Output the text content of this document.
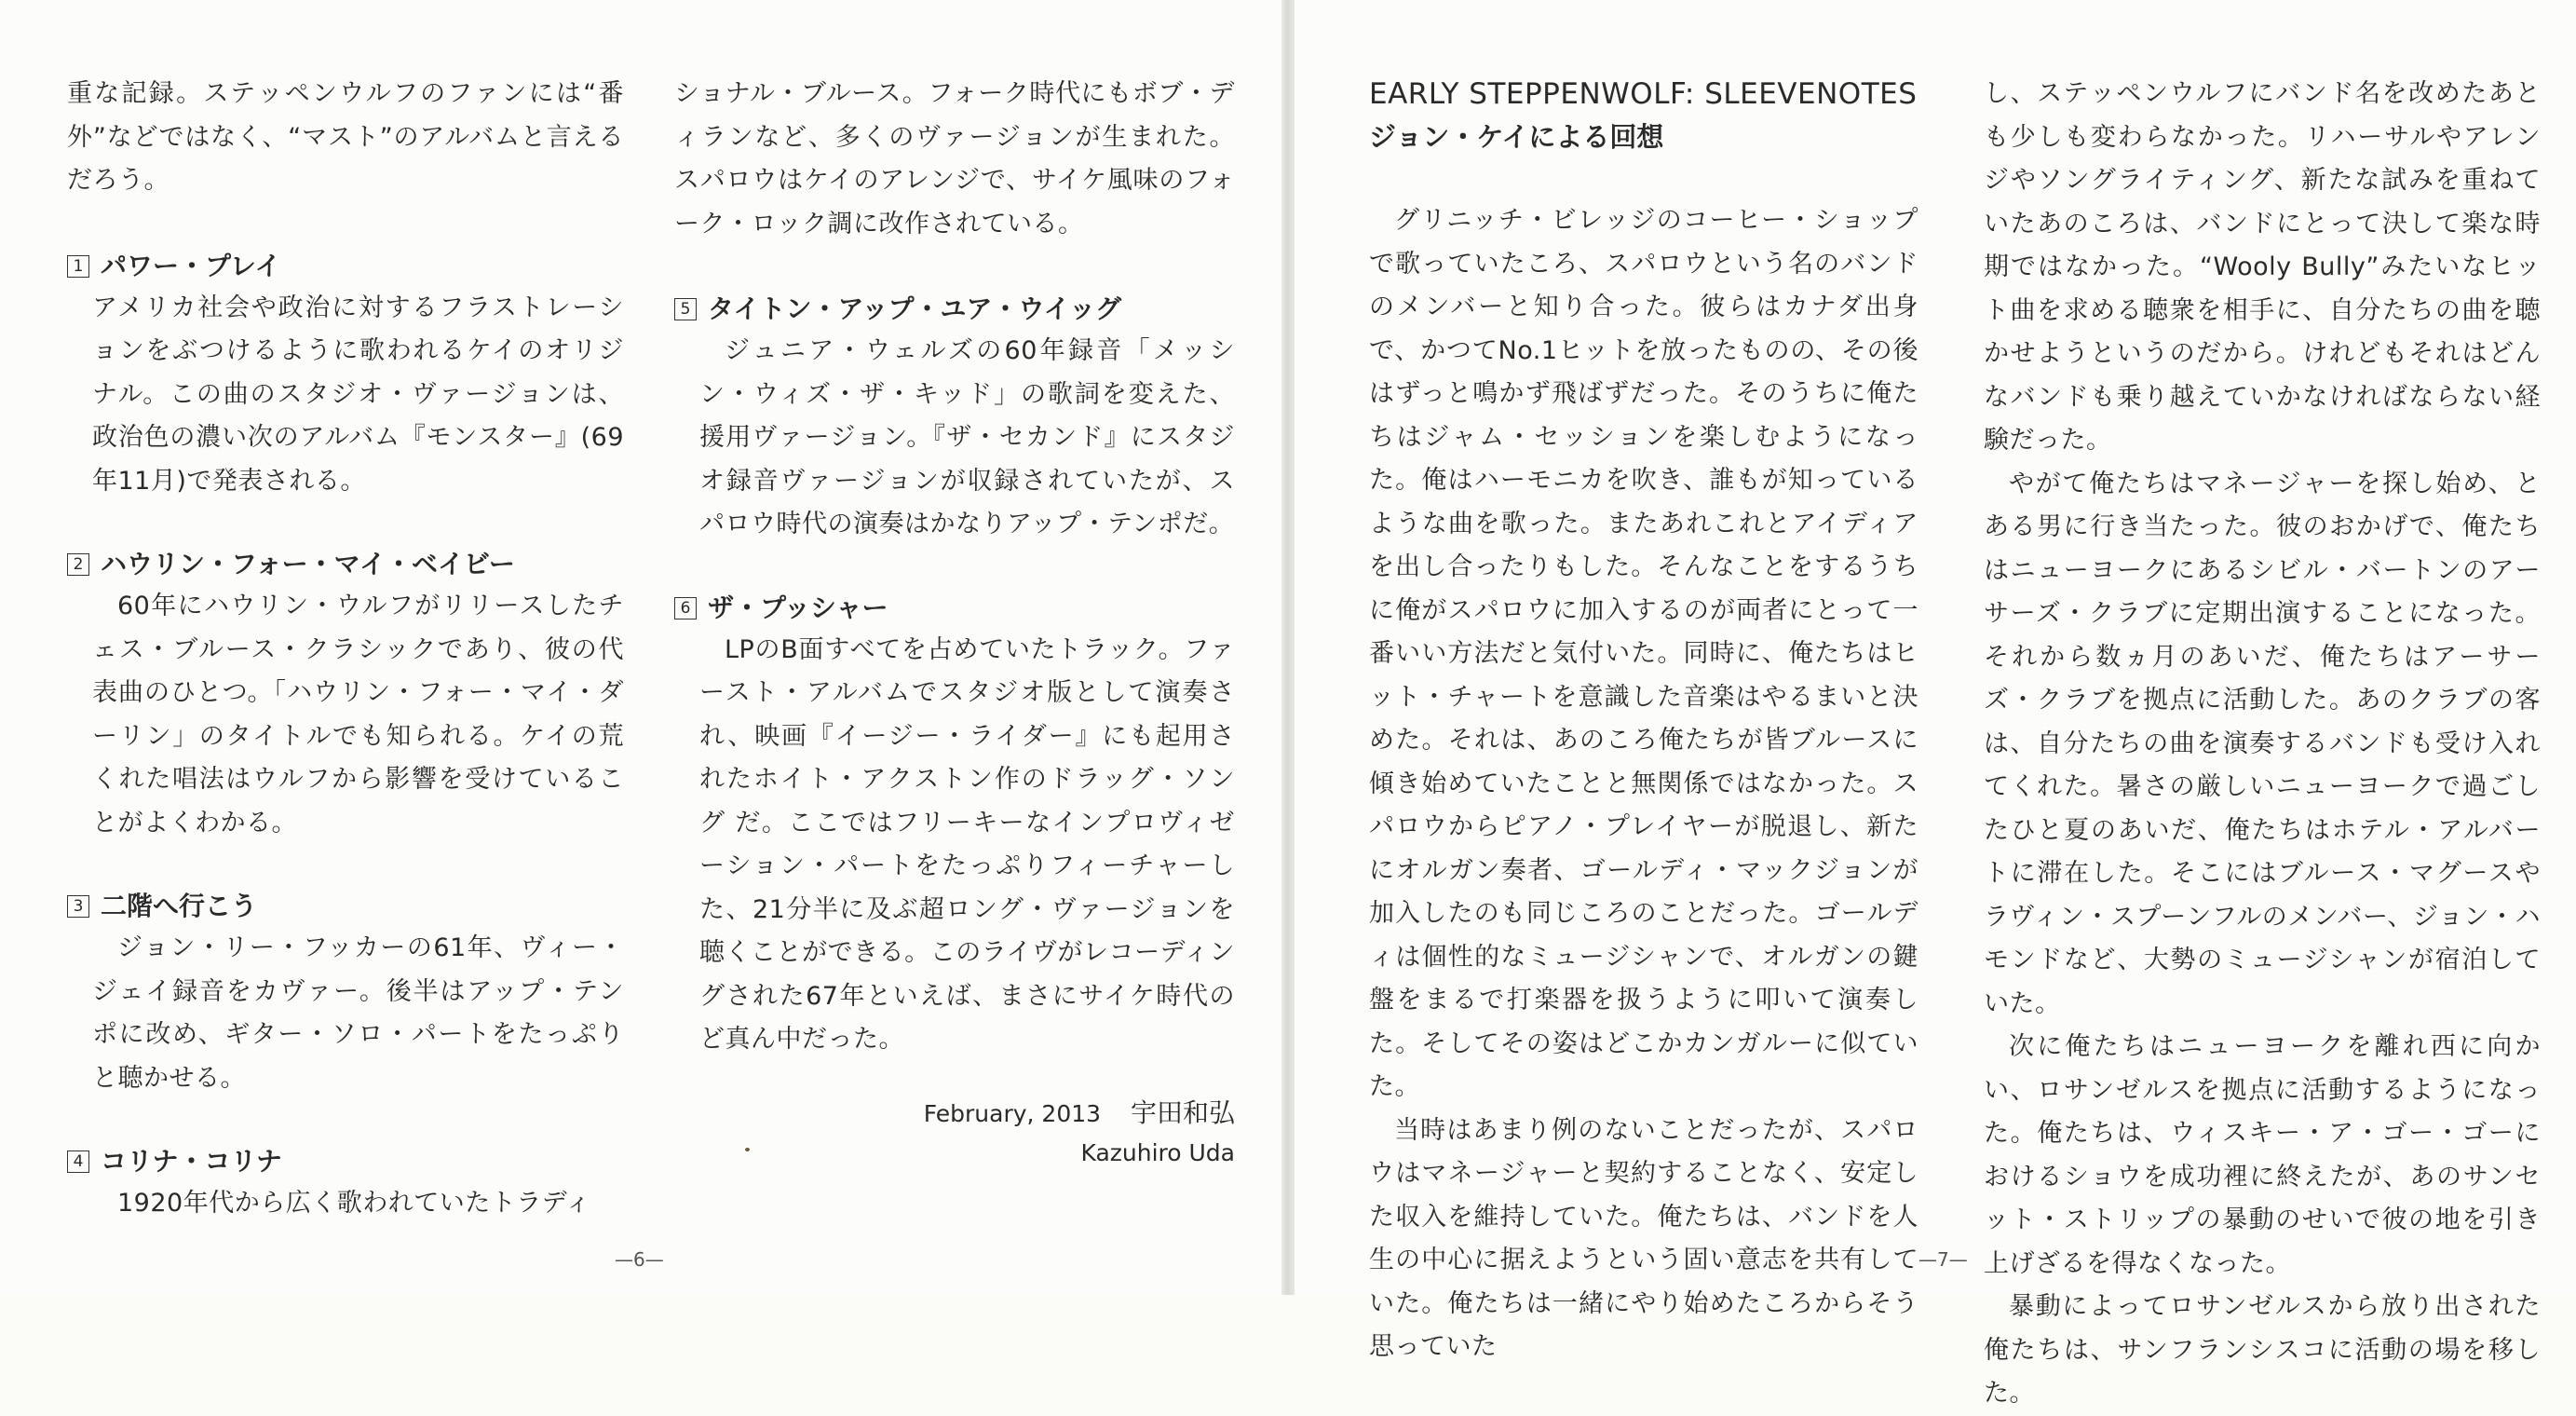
重な記録。ステッペンウルフのファンには“番外”などではなく、“マスト”のアルバムと言えるだろう。

1 パワー・プレイ

アメリカ社会や政治に対するフラストレーションをぶつけるように歌われるケイのオリジナル。この曲のスタジオ・ヴァージョンは、政治色の濃い次のアルバム『モンスター』(69年11月)で発表される。

2 ハウリン・フォー・マイ・ベイビー

60年にハウリン・ウルフがリリースしたチェス・ブルース・クラシックであり、彼の代表曲のひとつ。「ハウリン・フォー・マイ・ダーリン」のタイトルでも知られる。ケイの荒くれた唱法はウルフから影響を受けていることがよくわかる。

3 二階へ行こう

ジョン・リー・フッカーの61年、ヴィー・ジェイ録音をカヴァー。後半はアップ・テンポに改め、ギター・ソロ・パートをたっぷりと聴かせる。

4 コリナ・コリナ

1920年代から広く歌われていたトラディ

ショナル・ブルース。フォーク時代にもボブ・ディランなど、多くのヴァージョンが生まれた。スパロウはケイのアレンジで、サイケ風味のフォーク・ロック調に改作されている。

5 タイトン・アップ・ユア・ウイッグ

ジュニア・ウェルズの60年録音「メッシン・ウィズ・ザ・キッド」の歌詞を変えた、援用ヴァージョン。『ザ・セカンド』にスタジオ録音ヴァージョンが収録されていたが、スパロウ時代の演奏はかなりアップ・テンポだ。

6 ザ・プッシャー

LPのB面すべてを占めていたトラック。ファースト・アルバムでスタジオ版として演奏され、映画『イージー・ライダー』にも起用されたホイト・アクストン作のドラッグ・ソング だ。ここではフリーキーなインプロヴィゼーション・パートをたっぷりフィーチャーした、21分半に及ぶ超ロング・ヴァージョンを聴くことができる。このライヴがレコーディングされた67年といえば、まさにサイケ時代のど真ん中だった。

February, 2013 宇田和弘
Kazuhiro Uda
—6—
EARLY STEPPENWOLF: SLEEVENOTES
ジョン・ケイによる回想

グリニッチ・ビレッジのコーヒー・ショップで歌っていたころ、スパロウという名のバンドのメンバーと知り合った。彼らはカナダ出身で、かつてNo.1ヒットを放ったものの、その後はずっと鳴かず飛ばずだった。そのうちに俺たちはジャム・セッションを楽しむようになった。俺はハーモニカを吹き、誰もが知っているような曲を歌った。またあれこれとアイディアを出し合ったりもした。そんなことをするうちに俺がスパロウに加入するのが両者にとって一番いい方法だと気付いた。同時に、俺たちはヒット・チャートを意識した音楽はやるまいと決めた。それは、あのころ俺たちが皆ブルースに傾き始めていたことと無関係ではなかった。スパロウからピアノ・プレイヤーが脱退し、新たにオルガン奏者、ゴールディ・マックジョンが加入したのも同じころのことだった。ゴールディは個性的なミュージシャンで、オルガンの鍵盤をまるで打楽器を扱うように叩いて演奏した。そしてその姿はどこかカンガルーに似ていた。

当時はあまり例のないことだったが、スパロウはマネージャーと契約することなく、安定した収入を維持していた。俺たちは、バンドを人生の中心に据えようという固い意志を共有していた。俺たちは一緒にやり始めたころからそう思っていた

し、ステッペンウルフにバンド名を改めたあとも少しも変わらなかった。リハーサルやアレンジやソングライティング、新たな試みを重ねていたあのころは、バンドにとって決して楽な時期ではなかった。“Wooly Bully”みたいなヒット曲を求める聴衆を相手に、自分たちの曲を聴かせようというのだから。けれどもそれはどんなバンドも乗り越えていかなければならない経験だった。

やがて俺たちはマネージャーを探し始め、とある男に行き当たった。彼のおかげで、俺たちはニューヨークにあるシビル・バートンのアーサーズ・クラブに定期出演することになった。それから数ヵ月のあいだ、俺たちはアーサーズ・クラブを拠点に活動した。あのクラブの客は、自分たちの曲を演奏するバンドも受け入れてくれた。暑さの厳しいニューヨークで過ごしたひと夏のあいだ、俺たちはホテル・アルバートに滞在した。そこにはブルース・マグースやラヴィン・スプーンフルのメンバー、ジョン・ハモンドなど、大勢のミュージシャンが宿泊していた。

次に俺たちはニューヨークを離れ西に向かい、ロサンゼルスを拠点に活動するようになった。俺たちは、ウィスキー・ア・ゴー・ゴーにおけるショウを成功裡に終えたが、あのサンセット・ストリップの暴動のせいで彼の地を引き上げざるを得なくなった。

暴動によってロサンゼルスから放り出された俺たちは、サンフランシスコに活動の場を移した。

—7—
